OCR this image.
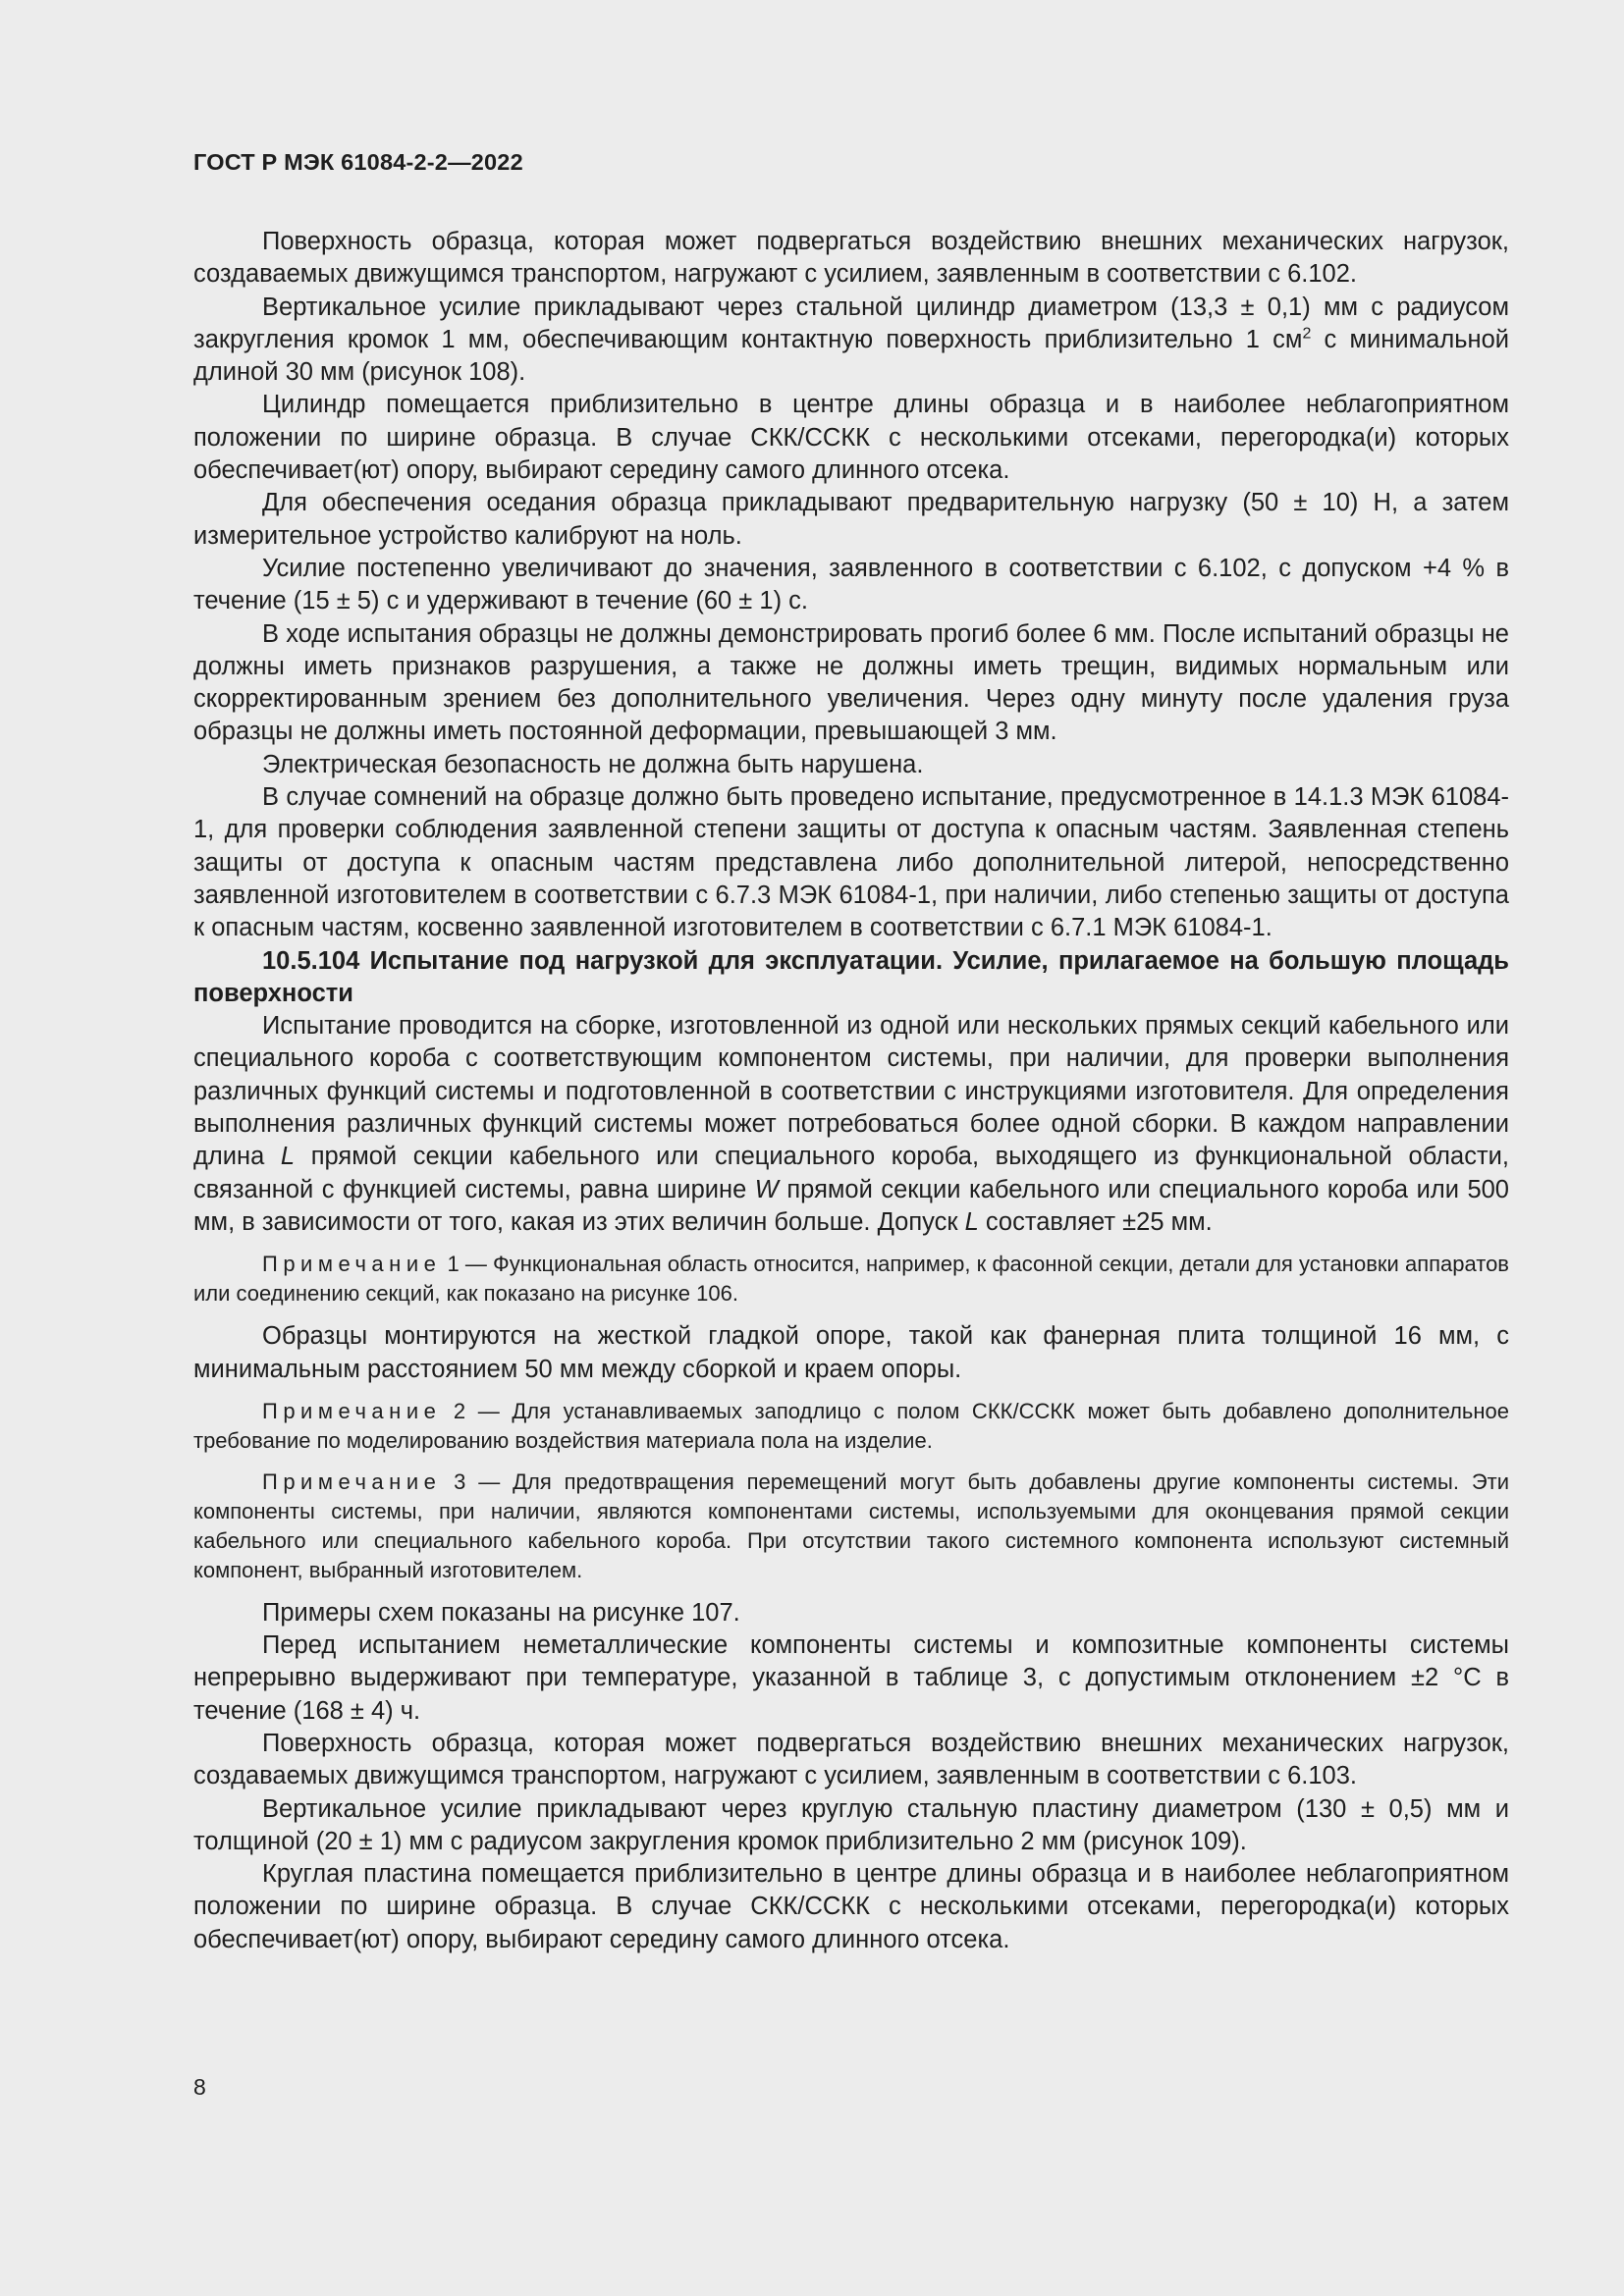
ГОСТ Р МЭК 61084-2-2—2022

Поверхность образца, которая может подвергаться воздействию внешних механических нагрузок, создаваемых движущимся транспортом, нагружают с усилием, заявленным в соответствии с 6.102.

Вертикальное усилие прикладывают через стальной цилиндр диаметром (13,3 ± 0,1) мм с радиусом закругления кромок 1 мм, обеспечивающим контактную поверхность приблизительно 1 $см^2$ с минимальной длиной 30 мм (рисунок 108).

Цилиндр помещается приблизительно в центре длины образца и в наиболее неблагоприятном положении по ширине образца. В случае СКК/ССКК с несколькими отсеками, перегородка(и) которых обеспечивает(ют) опору, выбирают середину самого длинного отсека.

Для обеспечения оседания образца прикладывают предварительную нагрузку (50 ± 10) Н, а затем измерительное устройство калибруют на ноль.

Усилие постепенно увеличивают до значения, заявленного в соответствии с 6.102, с допуском +4 % в течение (15 ± 5) с и удерживают в течение (60 ± 1) с.

В ходе испытания образцы не должны демонстрировать прогиб более 6 мм. После испытаний образцы не должны иметь признаков разрушения, а также не должны иметь трещин, видимых нормальным или скорректированным зрением без дополнительного увеличения. Через одну минуту после удаления груза образцы не должны иметь постоянной деформации, превышающей 3 мм.

Электрическая безопасность не должна быть нарушена.

В случае сомнений на образце должно быть проведено испытание, предусмотренное в 14.1.3 МЭК 61084-1, для проверки соблюдения заявленной степени защиты от доступа к опасным частям. Заявленная степень защиты от доступа к опасным частям представлена либо дополнительной литерой, непосредственно заявленной изготовителем в соответствии с 6.7.3 МЭК 61084-1, при наличии, либо степенью защиты от доступа к опасным частям, косвенно заявленной изготовителем в соответствии с 6.7.1 МЭК 61084-1.

10.5.104 Испытание под нагрузкой для эксплуатации. Усилие, прилагаемое на большую площадь поверхности

Испытание проводится на сборке, изготовленной из одной или нескольких прямых секций кабельного или специального короба с соответствующим компонентом системы, при наличии, для проверки выполнения различных функций системы и подготовленной в соответствии с инструкциями изготовителя. Для определения выполнения различных функций системы может потребоваться более одной сборки. В каждом направлении длина L прямой секции кабельного или специального короба, выходящего из функциональной области, связанной с функцией системы, равна ширине W прямой секции кабельного или специального короба или 500 мм, в зависимости от того, какая из этих величин больше. Допуск L составляет ±25 мм.

Примечание 1 — Функциональная область относится, например, к фасонной секции, детали для установки аппаратов или соединению секций, как показано на рисунке 106.

Образцы монтируются на жесткой гладкой опоре, такой как фанерная плита толщиной 16 мм, с минимальным расстоянием 50 мм между сборкой и краем опоры.

Примечание 2 — Для устанавливаемых заподлицо с полом СКК/ССКК может быть добавлено дополнительное требование по моделированию воздействия материала пола на изделие.

Примечание 3 — Для предотвращения перемещений могут быть добавлены другие компоненты системы. Эти компоненты системы, при наличии, являются компонентами системы, используемыми для оконцевания прямой секции кабельного или специального кабельного короба. При отсутствии такого системного компонента используют системный компонент, выбранный изготовителем.

Примеры схем показаны на рисунке 107.

Перед испытанием неметаллические компоненты системы и композитные компоненты системы непрерывно выдерживают при температуре, указанной в таблице 3, с допустимым отклонением ±2 °С в течение (168 ± 4) ч.

Поверхность образца, которая может подвергаться воздействию внешних механических нагрузок, создаваемых движущимся транспортом, нагружают с усилием, заявленным в соответствии с 6.103.

Вертикальное усилие прикладывают через круглую стальную пластину диаметром (130 ± 0,5) мм и толщиной (20 ± 1) мм с радиусом закругления кромок приблизительно 2 мм (рисунок 109).

Круглая пластина помещается приблизительно в центре длины образца и в наиболее неблагоприятном положении по ширине образца. В случае СКК/ССКК с несколькими отсеками, перегородка(и) которых обеспечивает(ют) опору, выбирают середину самого длинного отсека.

8
